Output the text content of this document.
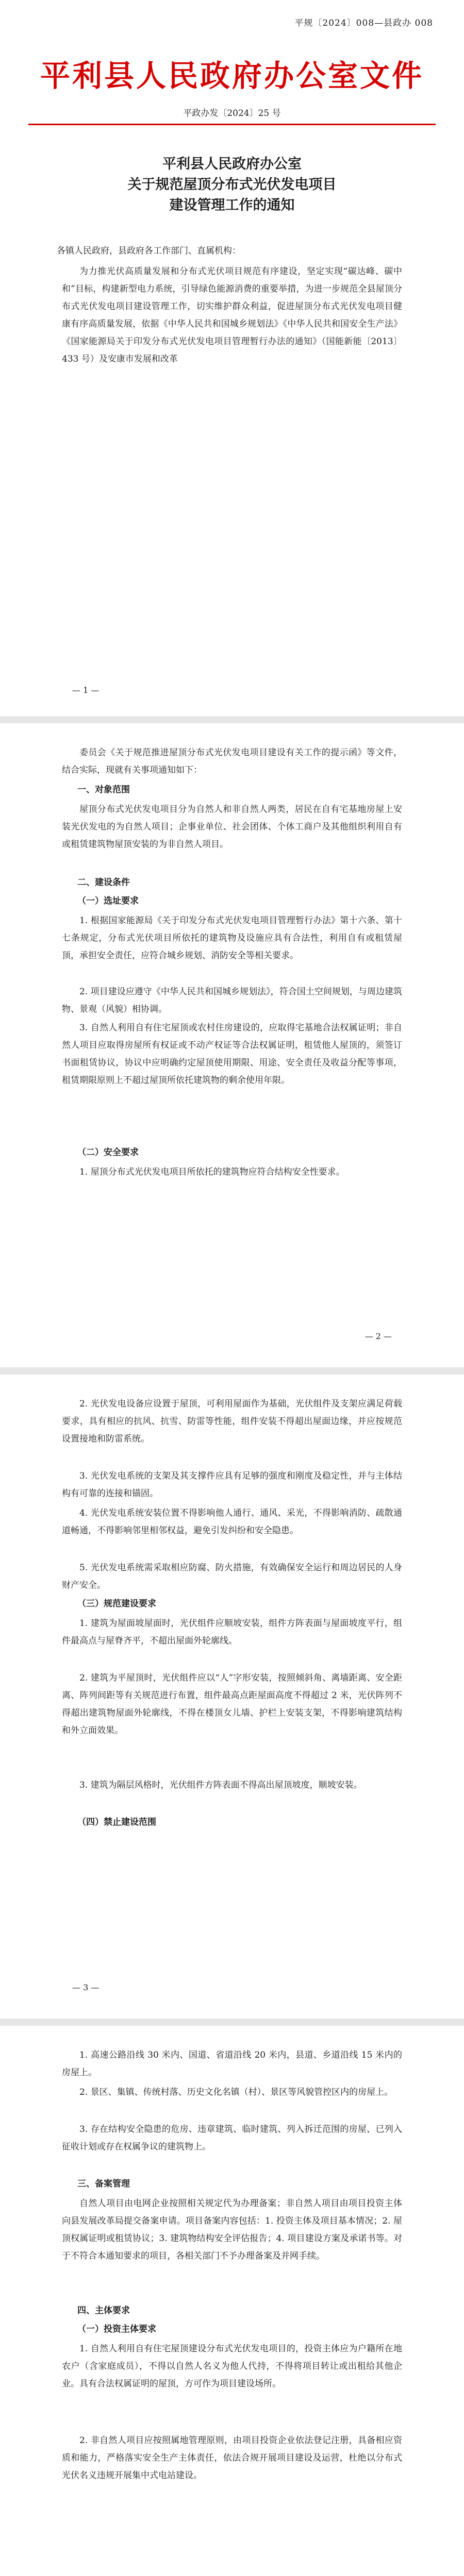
平规〔2024〕008—县政办 008
平利县人民政府办公室文件
平政办发〔2024〕25 号
平利县人民政府办公室
关于规范屋顶分布式光伏发电项目
建设管理工作的通知

各镇人民政府，县政府各工作部门、直属机构：

为力推光伏高质量发展和分布式光伏项目规范有序建设，坚定实现“碳达峰、碳中和”目标，构建新型电力系统，引导绿色能源消费的重要举措，为进一步规范全县屋顶分布式光伏发电项目建设管理工作，切实维护群众利益，促进屋顶分布式光伏发电项目健康有序高质量发展，依据《中华人民共和国城乡规划法》《中华人民共和国安全生产法》《国家能源局关于印发分布式光伏发电项目管理暂行办法的通知》（国能新能〔2013〕433 号）及安康市发展和改革

— 1 —

委员会《关于规范推进屋顶分布式光伏发电项目建设有关工作的提示函》等文件，结合实际，现就有关事项通知如下：

一、对象范围

屋顶分布式光伏发电项目分为自然人和非自然人两类，居民在自有宅基地房屋上安装光伏发电的为自然人项目；企事业单位、社会团体、个体工商户及其他组织利用自有或租赁建筑物屋顶安装的为非自然人项目。

二、建设条件
（一）选址要求

1. 根据国家能源局《关于印发分布式光伏发电项目管理暂行办法》第十六条、第十七条规定，分布式光伏项目所依托的建筑物及设施应具有合法性，利用自有或租赁屋顶，承担安全责任，应符合城乡规划、消防安全等相关要求。

2. 项目建设应遵守《中华人民共和国城乡规划法》，符合国土空间规划，与周边建筑物、景观（风貌）相协调。

3. 自然人利用自有住宅屋顶或农村住房建设的，应取得宅基地合法权属证明；非自然人项目应取得房屋所有权证或不动产权证等合法权属证明，租赁他人屋顶的，须签订书面租赁协议，协议中应明确约定屋顶使用期限、用途、安全责任及收益分配等事项，租赁期限原则上不超过屋顶所依托建筑物的剩余使用年限。

（二）安全要求

1. 屋顶分布式光伏发电项目所依托的建筑物应符合结构安全性要求。

— 2 —

2. 光伏发电设备应设置于屋顶，可利用屋面作为基础，光伏组件及支架应满足荷载要求，具有相应的抗风、抗雪、防雷等性能，组件安装不得超出屋面边缘，并应按规范设置接地和防雷系统。

3. 光伏发电系统的支架及其支撑件应具有足够的强度和刚度及稳定性，并与主体结构有可靠的连接和锚固。

4. 光伏发电系统安装位置不得影响他人通行、通风、采光，不得影响消防、疏散通道畅通，不得影响邻里相邻权益，避免引发纠纷和安全隐患。

5. 光伏发电系统需采取相应防腐、防火措施，有效确保安全运行和周边居民的人身财产安全。

（三）规范建设要求

1. 建筑为屋面坡屋面时，光伏组件应顺坡安装，组件方阵表面与屋面坡度平行，组件最高点与屋脊齐平，不超出屋面外轮廓线。

2. 建筑为平屋顶时，光伏组件应以“人”字形安装，按照倾斜角、离墙距离、安全距离、阵列间距等有关规范进行布置，组件最高点距屋面高度不得超过 2 米，光伏阵列不得超出建筑物屋面外轮廓线，不得在楼顶女儿墙、护栏上安装支架，不得影响建筑结构和外立面效果。

3. 建筑为隔层风格时，光伏组件方阵表面不得高出屋顶坡度，顺坡安装。

（四）禁止建设范围
— 3 —

1. 高速公路沿线 30 米内、国道、省道沿线 20 米内，县道、乡道沿线 15 米内的房屋上。

2. 景区、集镇、传统村落、历史文化名镇（村）、景区等风貌管控区内的房屋上。

3. 存在结构安全隐患的危房、违章建筑、临时建筑、列入拆迁范围的房屋、已列入征收计划或存在权属争议的建筑物上。

三、备案管理

自然人项目由电网企业按照相关规定代为办理备案；非自然人项目由项目投资主体向县发展改革局提交备案申请。项目备案内容包括：1. 投资主体及项目基本情况；2. 屋顶权属证明或租赁协议；3. 建筑物结构安全评估报告；4. 项目建设方案及承诺书等。对于不符合本通知要求的项目，各相关部门不予办理备案及并网手续。

四、主体要求
（一）投资主体要求

1. 自然人利用自有住宅屋顶建设分布式光伏发电项目的，投资主体应为户籍所在地农户（含家庭成员），不得以自然人名义为他人代持，不得将项目转让或出租给其他企业。具有合法权属证明的屋顶，方可作为项目建设场所。

2. 非自然人项目应按照属地管理原则，由项目投资企业依法登记注册，具备相应资质和能力，严格落实安全生产主体责任，依法合规开展项目建设及运营，杜绝以分布式光伏名义违规开展集中式电站建设。
